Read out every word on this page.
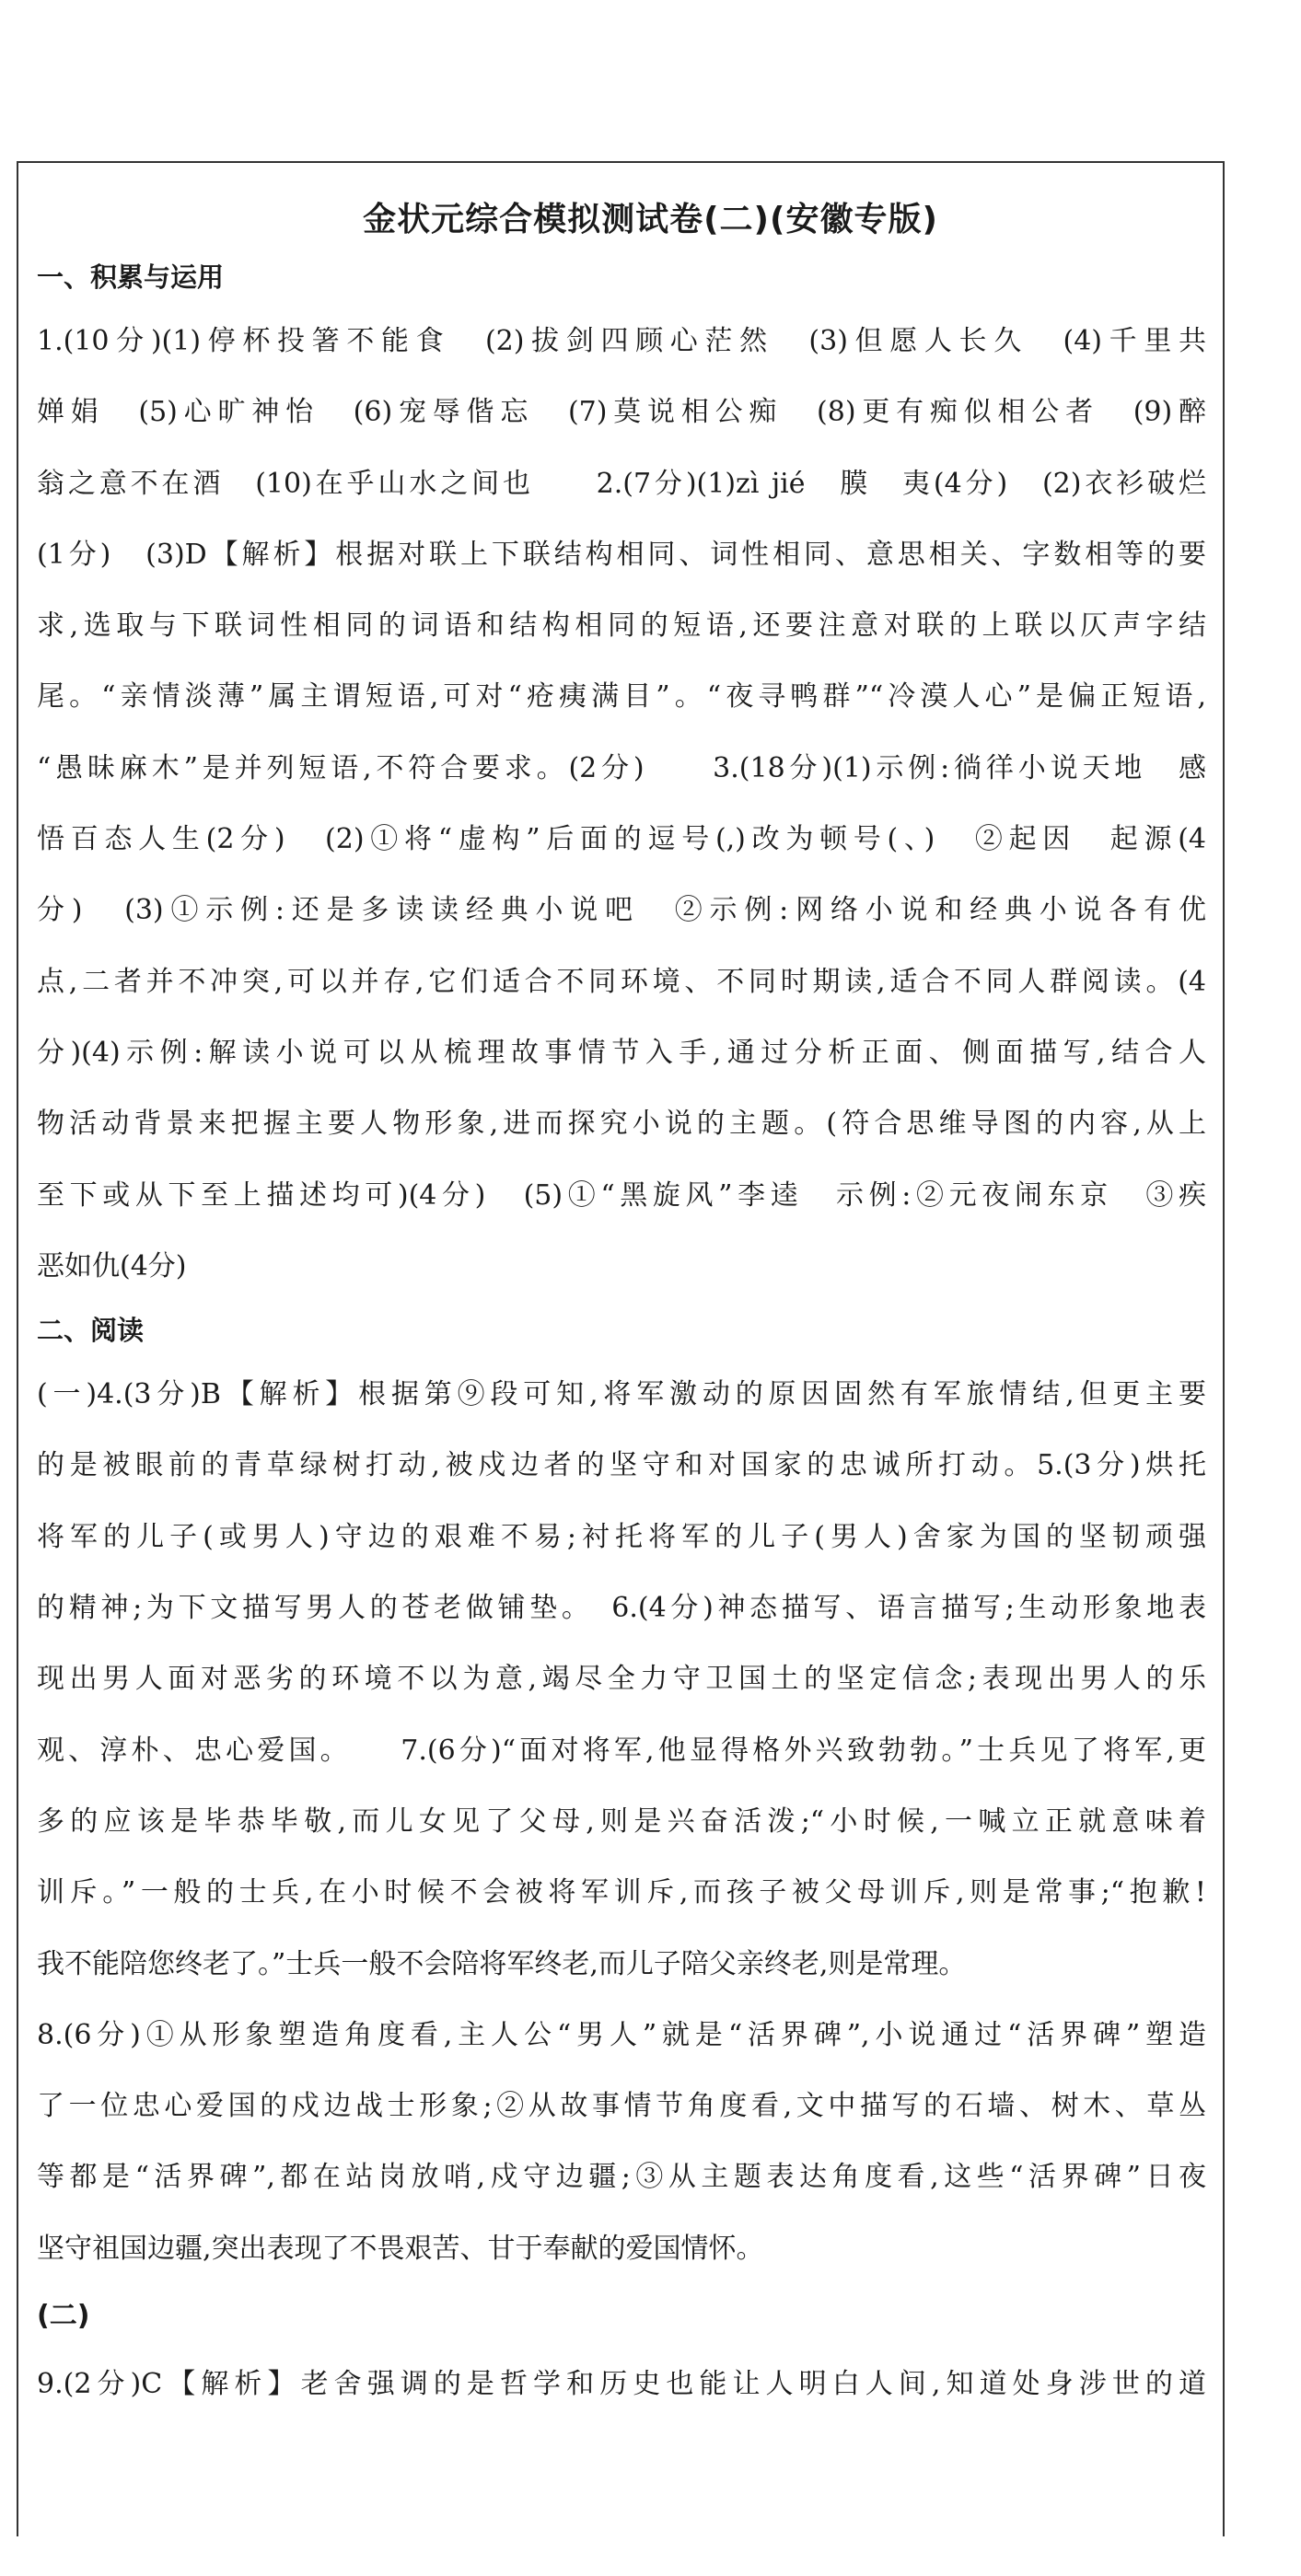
金状元综合模拟测试卷(二)(安徽专版)
一、积累与运用
1.(10分)(1)停杯投箸不能食　(2)拔剑四顾心茫然　(3)但愿人长久　(4)千里共
婵娟　(5)心旷神怡　(6)宠辱偕忘　(7)莫说相公痴　(8)更有痴似相公者　(9)醉
翁之意不在酒　(10)在乎山水之间也　　2.(7分)(1)zì jié　膜　夷(4分)　(2)衣衫破烂
(1分)　(3)D【解析】根据对联上下联结构相同、词性相同、意思相关、字数相等的要
求,选取与下联词性相同的词语和结构相同的短语,还要注意对联的上联以仄声字结
尾。“亲情淡薄”属主谓短语,可对“疮痍满目”。“夜寻鸭群”“冷漠人心”是偏正短语,
“愚昧麻木”是并列短语,不符合要求。(2分)　　3.(18分)(1)示例:徜徉小说天地　感
悟百态人生(2分)　(2)①将“虚构”后面的逗号(,)改为顿号(、)　②起因　起源(4
分)　(3)①示例:还是多读读经典小说吧　②示例:网络小说和经典小说各有优
点,二者并不冲突,可以并存,它们适合不同环境、不同时期读,适合不同人群阅读。(4
分)(4)示例:解读小说可以从梳理故事情节入手,通过分析正面、侧面描写,结合人
物活动背景来把握主要人物形象,进而探究小说的主题。(符合思维导图的内容,从上
至下或从下至上描述均可)(4分)　(5)①“黑旋风”李逵　示例:②元夜闹东京　③疾
恶如仇(4分)
二、阅读
(一)4.(3分)B【解析】根据第⑨段可知,将军激动的原因固然有军旅情结,但更主要
的是被眼前的青草绿树打动,被戍边者的坚守和对国家的忠诚所打动。5.(3分)烘托
将军的儿子(或男人)守边的艰难不易;衬托将军的儿子(男人)舍家为国的坚韧顽强
的精神;为下文描写男人的苍老做铺垫。　6.(4分)神态描写、语言描写;生动形象地表
现出男人面对恶劣的环境不以为意,竭尽全力守卫国土的坚定信念;表现出男人的乐
观、淳朴、忠心爱国。　　7.(6分)“面对将军,他显得格外兴致勃勃。”士兵见了将军,更
多的应该是毕恭毕敬,而儿女见了父母,则是兴奋活泼;“小时候,一喊立正就意味着
训斥。”一般的士兵,在小时候不会被将军训斥,而孩子被父母训斥,则是常事;“抱歉!
我不能陪您终老了。”士兵一般不会陪将军终老,而儿子陪父亲终老,则是常理。
8.(6分)①从形象塑造角度看,主人公“男人”就是“活界碑”,小说通过“活界碑”塑造
了一位忠心爱国的戍边战士形象;②从故事情节角度看,文中描写的石墙、树木、草丛
等都是“活界碑”,都在站岗放哨,戍守边疆;③从主题表达角度看,这些“活界碑”日夜
坚守祖国边疆,突出表现了不畏艰苦、甘于奉献的爱国情怀。
(二)
9.(2分)C【解析】老舍强调的是哲学和历史也能让人明白人间,知道处身涉世的道
